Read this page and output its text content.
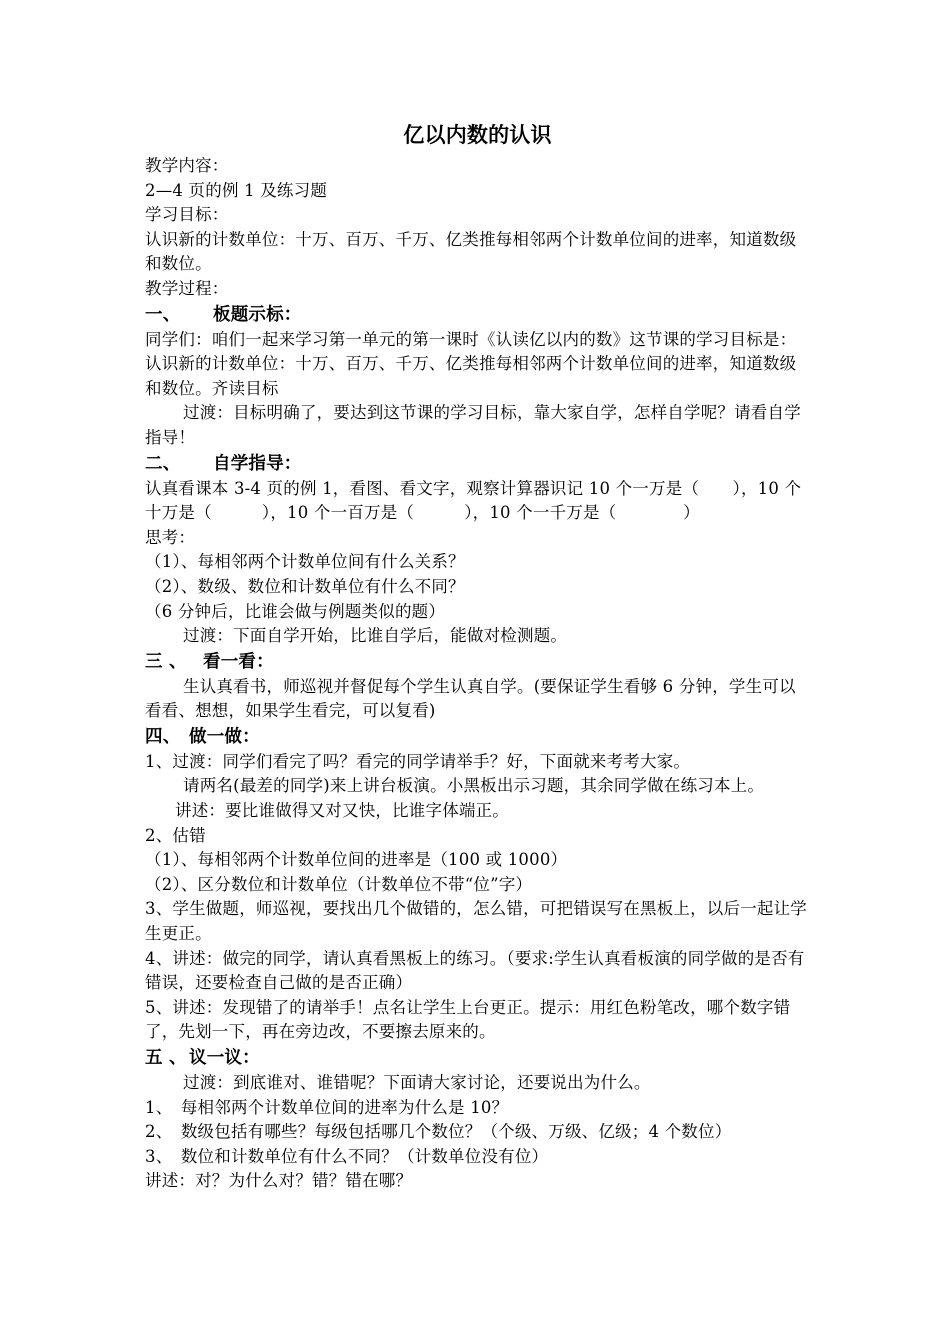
亿以内数的认识

教学内容：

2—4 页的例 1 及练习题

学习目标：

认识新的计数单位：十万、百万、千万、亿类推每相邻两个计数单位间的进率，知道数级和数位。

教学过程：

一、 板题示标：

同学们：咱们一起来学习第一单元的第一课时《认读亿以内的数》这节课的学习目标是：认识新的计数单位：十万、百万、千万、亿类推每相邻两个计数单位间的进率，知道数级和数位。齐读目标

过渡：目标明确了，要达到这节课的学习目标，靠大家自学，怎样自学呢？请看自学指导！

二、 自学指导：

认真看课本 3-4 页的例 1，看图、看文字，观察计算器识记 10 个一万是（　　），10 个十万是（　　　），10 个一百万是（　　　），10 个一千万是（　　　　）

思考：

（1）、每相邻两个计数单位间有什么关系？

（2）、数级、数位和计数单位有什么不同？

（6 分钟后，比谁会做与例题类似的题）

过渡：下面自学开始，比谁自学后，能做对检测题。

三 、 看一看：

生认真看书，师巡视并督促每个学生认真自学。(要保证学生看够 6 分钟，学生可以看看、想想，如果学生看完，可以复看)

四、 做一做：

1、过渡：同学们看完了吗？看完的同学请举手？好，下面就来考考大家。

请两名(最差的同学)来上讲台板演。小黑板出示习题，其余同学做在练习本上。

讲述：要比谁做得又对又快，比谁字体端正。

2、估错

（1）、每相邻两个计数单位间的进率是（100 或 1000）

（2）、区分数位和计数单位（计数单位不带“位”字）

3、学生做题，师巡视，要找出几个做错的，怎么错，可把错误写在黑板上，以后一起让学生更正。

4、讲述：做完的同学，请认真看黑板上的练习。（要求:学生认真看板演的同学做的是否有错误，还要检查自己做的是否正确）

5、讲述：发现错了的请举手！点名让学生上台更正。提示：用红色粉笔改，哪个数字错了，先划一下，再在旁边改，不要擦去原来的。

五 、 议一议：

过渡：到底谁对、谁错呢？下面请大家讨论，还要说出为什么。

1、　每相邻两个计数单位间的进率为什么是 10？

2、　数级包括有哪些？每级包括哪几个数位？（个级、万级、亿级；4 个数位）

3、　数位和计数单位有什么不同？（计数单位没有位）

讲述：对？为什么对？错？错在哪？
